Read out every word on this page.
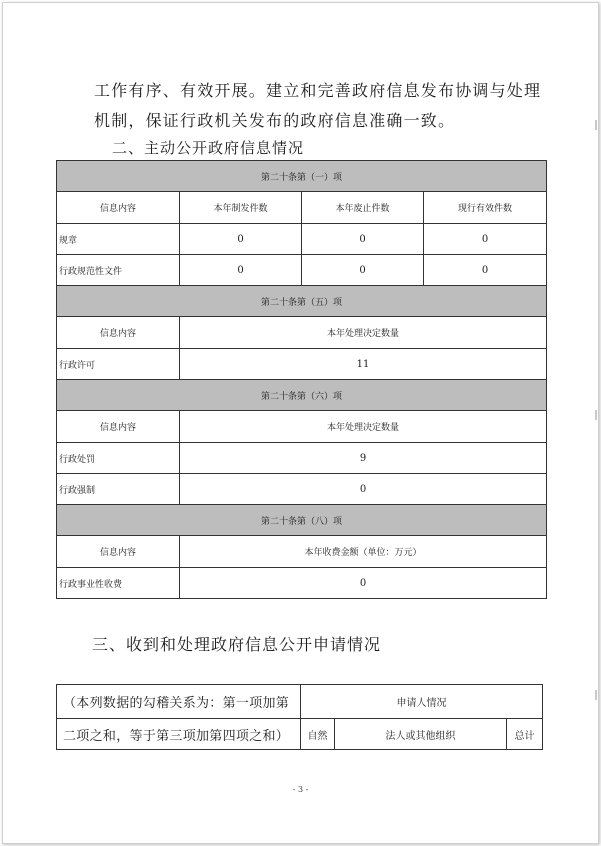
工作有序、有效开展。建立和完善政府信息发布协调与处理
机制，保证行政机关发布的政府信息准确一致。
二、主动公开政府信息情况
第二十条第（一）项			
信息内容	本年制发件数	本年废止件数	现行有效件数
规章	0	0	0
行政规范性文件	0	0	0
第二十条第（五）项			
信息内容	本年处理决定数量		
行政许可	11		
第二十条第（六）项			
信息内容	本年处理决定数量		
行政处罚	9		
行政强制	0		
第二十条第（八）项			
信息内容	本年收费金额（单位：万元）		
行政事业性收费	0		
三、收到和处理政府信息公开申请情况
（本列数据的勾稽关系为：第一项加第	申请人情况		
二项之和，等于第三项加第四项之和）	自然	法人或其他组织	总计
- 3 -
